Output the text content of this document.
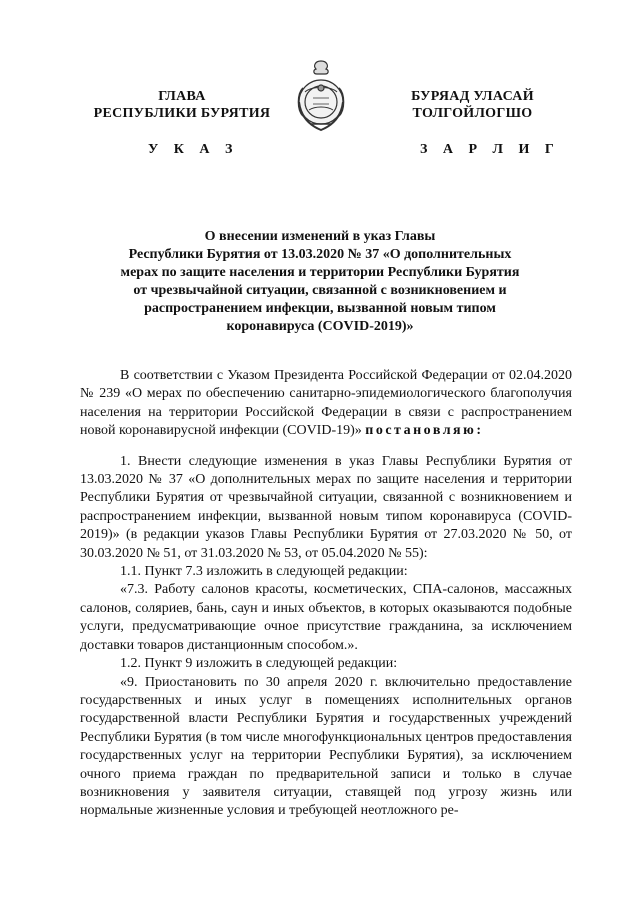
ГЛАВА
РЕСПУБЛИКИ БУРЯТИЯ
БУРЯАД УЛАСАЙ
ТОЛГОЙЛОГШО
У К А З	З А Р Л И Г
О внесении изменений в указ Главы
Республики Бурятия от 13.03.2020 № 37 «О дополнительных
мерах по защите населения и территории Республики Бурятия
от чрезвычайной ситуации, связанной с возникновением и
распространением инфекции, вызванной новым типом
коронавируса (COVID-2019)»

В соответствии с Указом Президента Российской Федерации от 02.04.2020 № 239 «О мерах по обеспечению санитарно-эпидемиологического благополучия населения на территории Российской Федерации в связи с распространением новой коронавирусной инфекции (COVID-19)» постановляю:

1. Внести следующие изменения в указ Главы Республики Бурятия от 13.03.2020 № 37 «О дополнительных мерах по защите населения и территории Республики Бурятия от чрезвычайной ситуации, связанной с возникновением и распространением инфекции, вызванной новым типом коронавируса (COVID-2019)» (в редакции указов Главы Республики Бурятия от 27.03.2020 № 50, от 30.03.2020 № 51, от 31.03.2020 № 53, от 05.04.2020 № 55):

1.1. Пункт 7.3 изложить в следующей редакции:

«7.3. Работу салонов красоты, косметических, СПА-салонов, массажных салонов, соляриев, бань, саун и иных объектов, в которых оказываются подобные услуги, предусматривающие очное присутствие гражданина, за исключением доставки товаров дистанционным способом.».

1.2. Пункт 9 изложить в следующей редакции:

«9. Приостановить по 30 апреля 2020 г. включительно предоставление государственных и иных услуг в помещениях исполнительных органов государственной власти Республики Бурятия и государственных учреждений Республики Бурятия (в том числе многофункциональных центров предоставления государственных услуг на территории Республики Бурятия), за исключением очного приема граждан по предварительной записи и только в случае возникновения у заявителя ситуации, ставящей под угрозу жизнь или нормальные жизненные условия и требующей неотложного ре-
